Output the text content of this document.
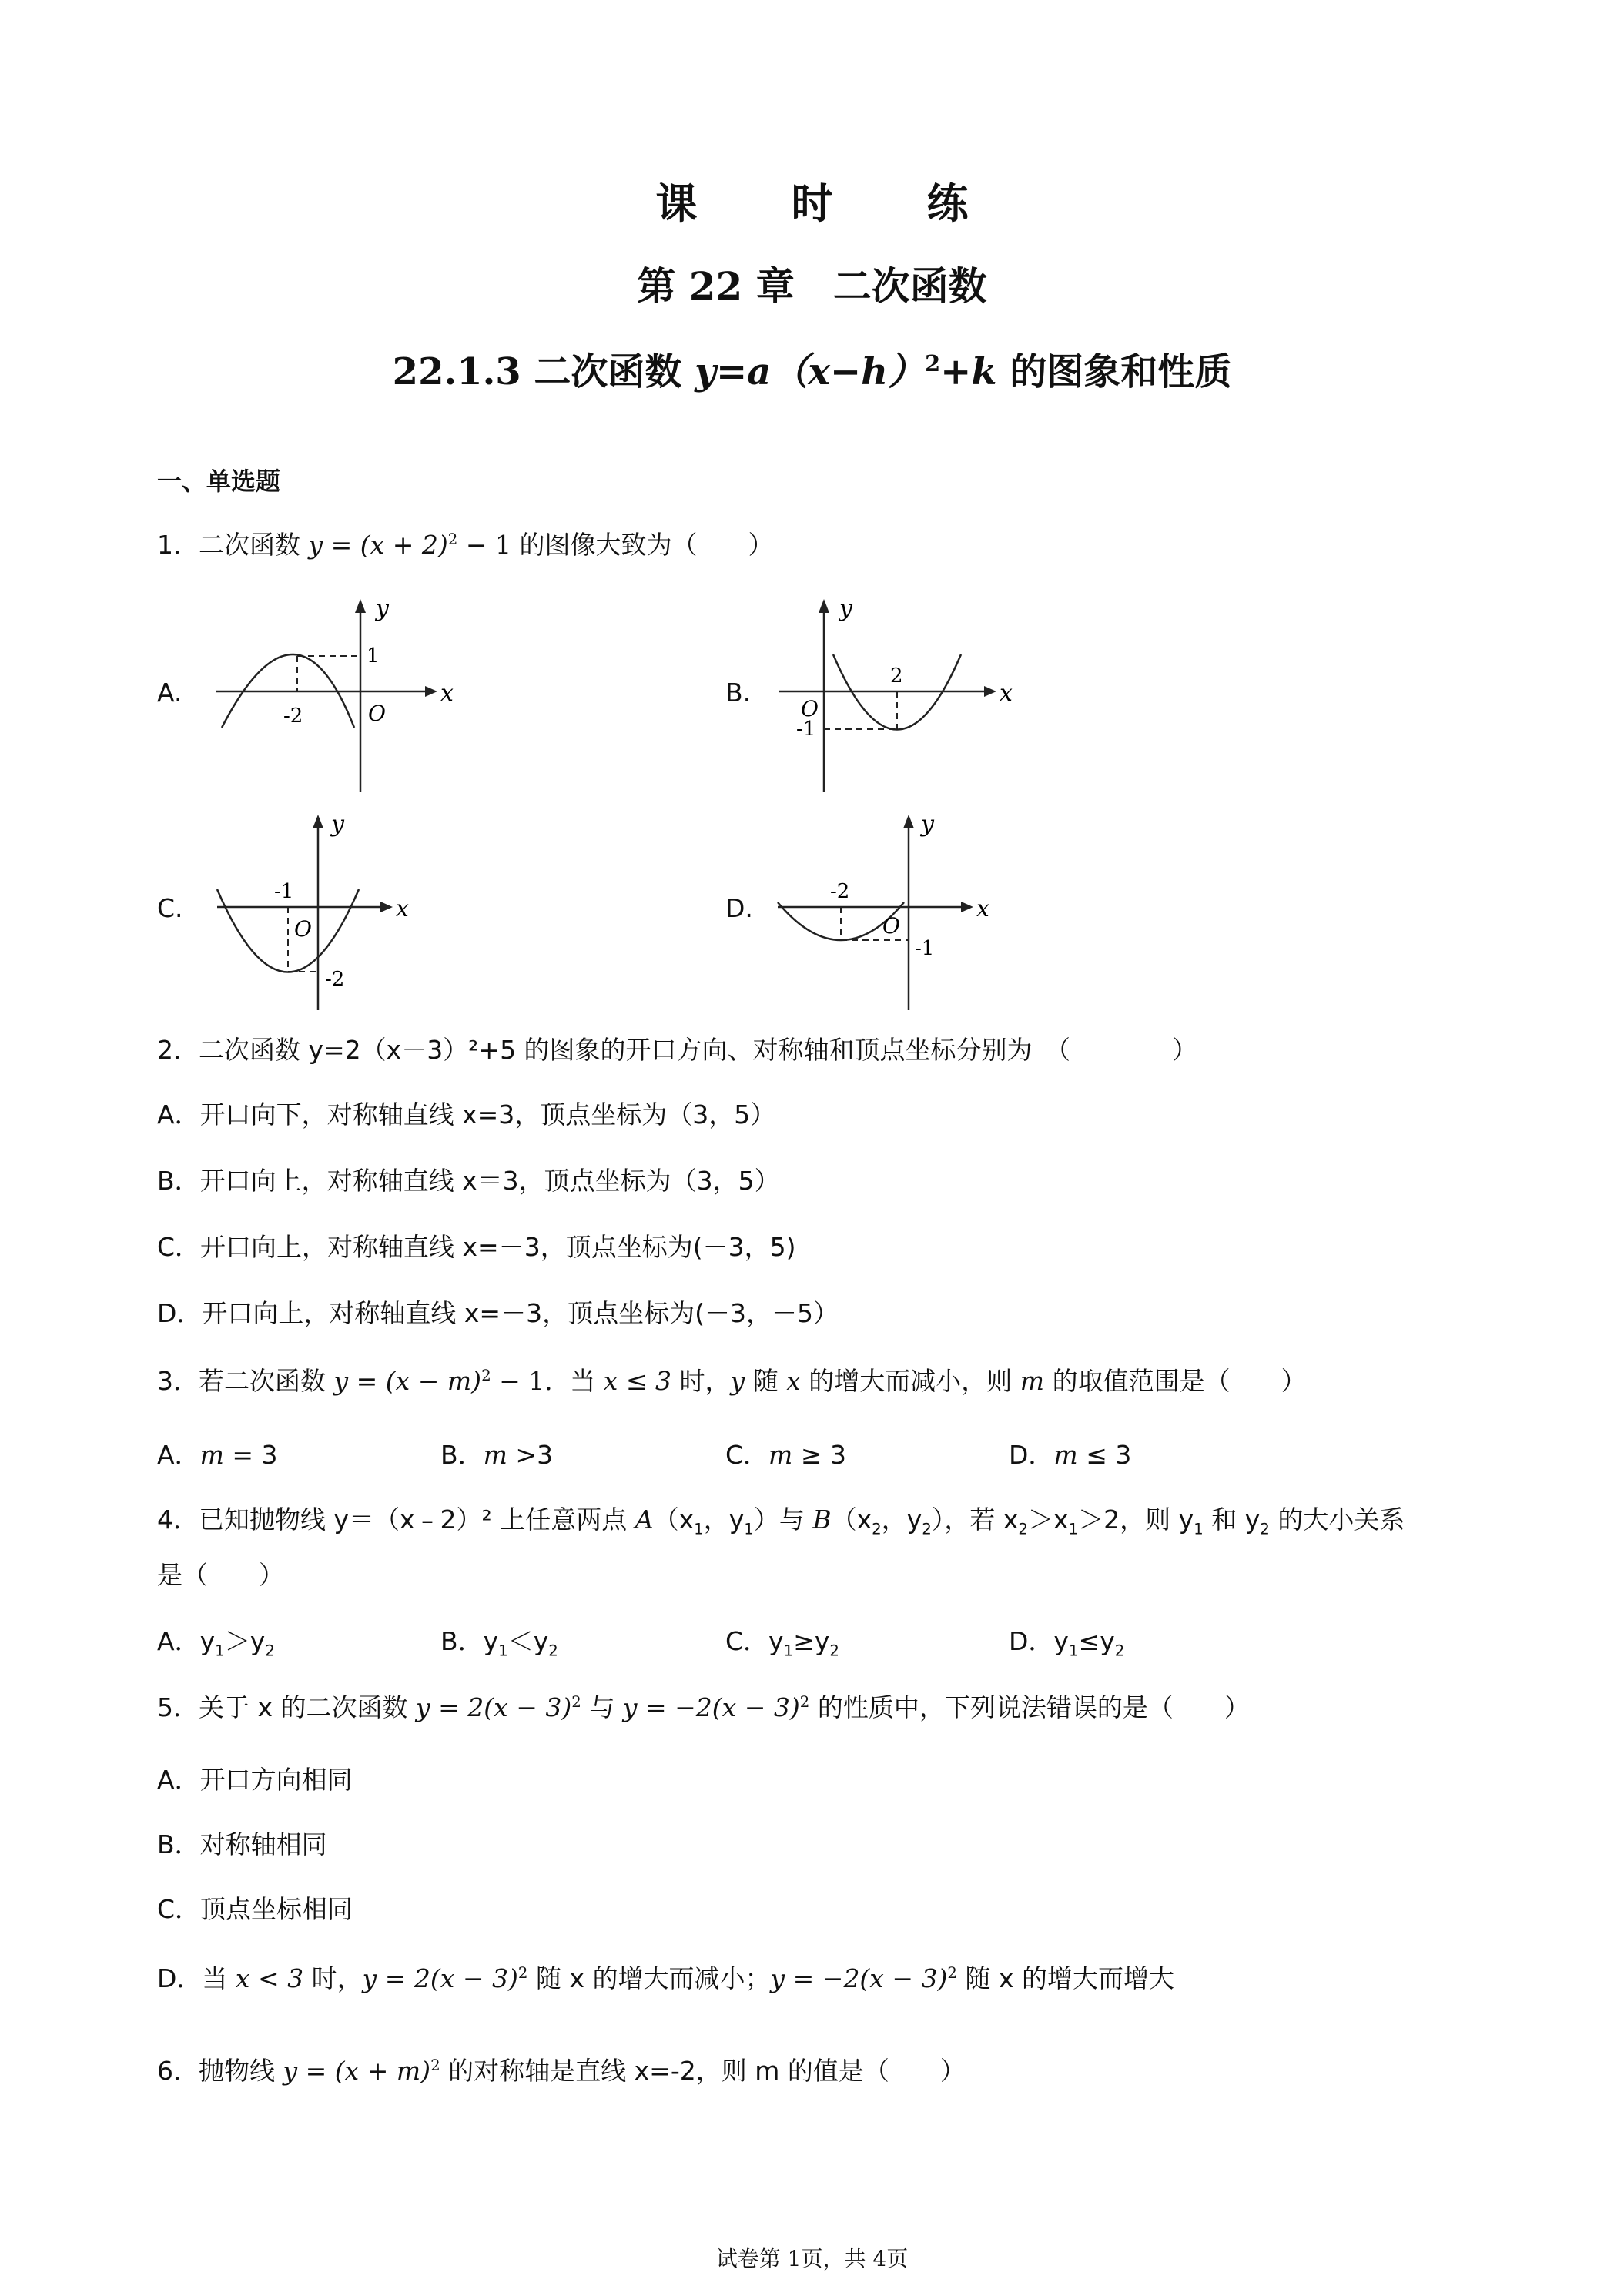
课　时　练
第 22 章　二次函数
22.1.3 二次函数 $y=a(x-h)^2+k$ 的图象和性质
一、单选题
1．二次函数 $y = (x + 2)^2 - 1$ 的图像大致为（　　）
A.
y
x
1
-2	O
B.
y
x
2
-1
O
C.
y
x
-1
-2
O
D.
y
x
-2
-1
O
2．二次函数 y=2（x－3）²+5 的图象的开口方向、对称轴和顶点坐标分别为　（　　　　）
A．开口向下，对称轴直线 x=3，顶点坐标为（3，5）
B．开口向上，对称轴直线 x＝3，顶点坐标为（3，5）
C．开口向上，对称轴直线 x=－3，顶点坐标为(－3，5)
D．开口向上，对称轴直线 x=－3，顶点坐标为(－3，－5）
3．若二次函数 $y = (x - m)^2 - 1$．当 x ≤ 3 时，y 随 x 的增大而减小，则 m 的取值范围是（　　）
A．m = 3	B．m >3	C．m ≥ 3	D．m ≤ 3
4．已知抛物线 y＝（x﹣2）² 上任意两点 $A(x_1$，$y_1$）与 $B(x_2$，$y_2$），若 $x_2>x_1>2$，则 $y_1$ 和 $y_2$ 的大小关系
是（　　）
A．$y_1>y_2$	B．$y_1<y_2$	C．$y_1\ge y_2$	D．$y_1\le y_2$
5．关于 x 的二次函数 $y = 2(x - 3)^2$ 与 $y = -2(x - 3)^2$ 的性质中，下列说法错误的是（　　）
A．开口方向相同
B．对称轴相同
C．顶点坐标相同
D．当 x < 3 时，$y = 2(x - 3)^2$ 随 x 的增大而减小；$y = -2(x - 3)^2$ 随 x 的增大而增大
6．抛物线 $y = (x + m)^2$ 的对称轴是直线 x=-2，则 m 的值是（　　）
试卷第 1页，共 4页
